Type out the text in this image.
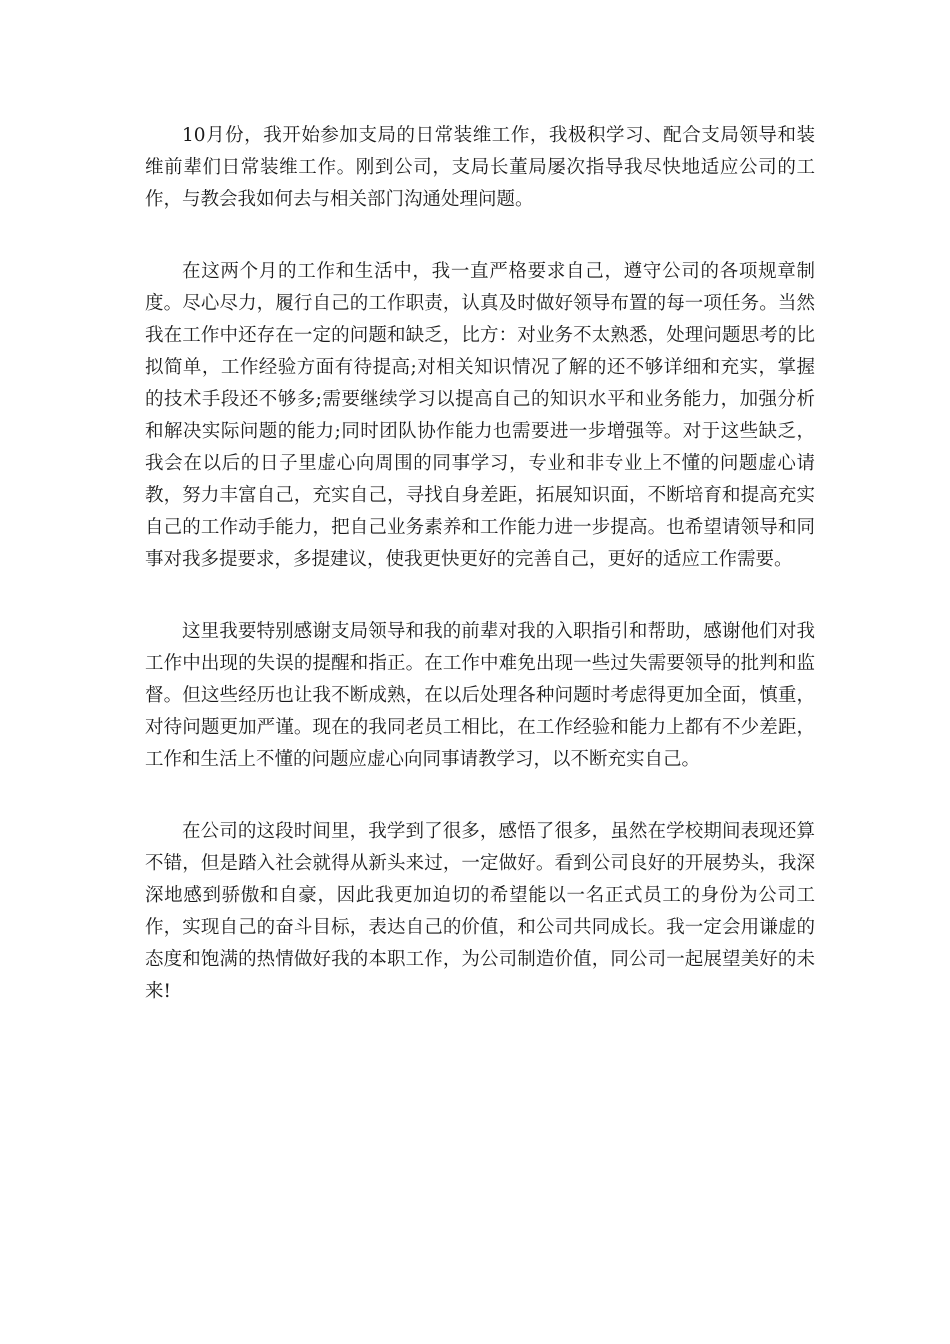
10月份，我开始参加支局的日常装维工作，我极积学习、配合支局领导和装维前辈们日常装维工作。刚到公司，支局长董局屡次指导我尽快地适应公司的工作，与教会我如何去与相关部门沟通处理问题。

在这两个月的工作和生活中，我一直严格要求自己，遵守公司的各项规章制度。尽心尽力，履行自己的工作职责，认真及时做好领导布置的每一项任务。当然我在工作中还存在一定的问题和缺乏，比方：对业务不太熟悉，处理问题思考的比拟简单，工作经验方面有待提高;对相关知识情况了解的还不够详细和充实，掌握的技术手段还不够多;需要继续学习以提高自己的知识水平和业务能力，加强分析和解决实际问题的能力;同时团队协作能力也需要进一步增强等。对于这些缺乏，我会在以后的日子里虚心向周围的同事学习，专业和非专业上不懂的问题虚心请教，努力丰富自己，充实自己，寻找自身差距，拓展知识面，不断培育和提高充实自己的工作动手能力，把自己业务素养和工作能力进一步提高。也希望请领导和同事对我多提要求，多提建议，使我更快更好的完善自己，更好的适应工作需要。

这里我要特别感谢支局领导和我的前辈对我的入职指引和帮助，感谢他们对我工作中出现的失误的提醒和指正。在工作中难免出现一些过失需要领导的批判和监督。但这些经历也让我不断成熟，在以后处理各种问题时考虑得更加全面，慎重，对待问题更加严谨。现在的我同老员工相比，在工作经验和能力上都有不少差距，工作和生活上不懂的问题应虚心向同事请教学习，以不断充实自己。

在公司的这段时间里，我学到了很多，感悟了很多，虽然在学校期间表现还算不错，但是踏入社会就得从新头来过，一定做好。看到公司良好的开展势头，我深深地感到骄傲和自豪，因此我更加迫切的希望能以一名正式员工的身份为公司工作，实现自己的奋斗目标，表达自己的价值，和公司共同成长。我一定会用谦虚的态度和饱满的热情做好我的本职工作，为公司制造价值，同公司一起展望美好的未来!
